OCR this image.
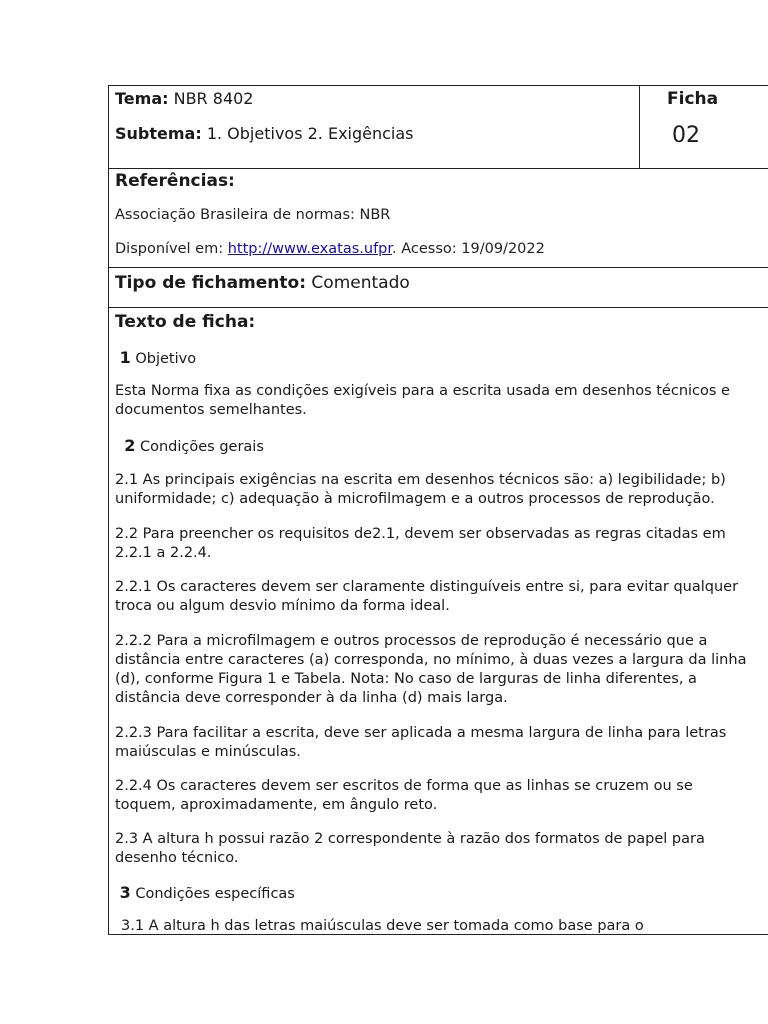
Tema: NBR 8402
Subtema: 1. Objetivos 2. Exigências
Ficha
02
Referências:
Associação Brasileira de normas: NBR
Disponível em: http://www.exatas.ufpr. Acesso: 19/09/2022
Tipo de fichamento: Comentado
Texto de ficha:
1 Objetivo
Esta Norma fixa as condições exigíveis para a escrita usada em desenhos técnicos e
documentos semelhantes.
2 Condições gerais
2.1 As principais exigências na escrita em desenhos técnicos são: a) legibilidade; b)
uniformidade; c) adequação à microfilmagem e a outros processos de reprodução.
2.2 Para preencher os requisitos de2.1, devem ser observadas as regras citadas em
2.2.1 a 2.2.4.
2.2.1 Os caracteres devem ser claramente distinguíveis entre si, para evitar qualquer
troca ou algum desvio mínimo da forma ideal.
2.2.2 Para a microfilmagem e outros processos de reprodução é necessário que a
distância entre caracteres (a) corresponda, no mínimo, à duas vezes a largura da linha
(d), conforme Figura 1 e Tabela. Nota: No caso de larguras de linha diferentes, a
distância deve corresponder à da linha (d) mais larga.
2.2.3 Para facilitar a escrita, deve ser aplicada a mesma largura de linha para letras
maiúsculas e minúsculas.
2.2.4 Os caracteres devem ser escritos de forma que as linhas se cruzem ou se
toquem, aproximadamente, em ângulo reto.
2.3 A altura h possui razão 2 correspondente à razão dos formatos de papel para
desenho técnico.
3 Condições específicas
3.1 A altura h das letras maiúsculas deve ser tomada como base para o
